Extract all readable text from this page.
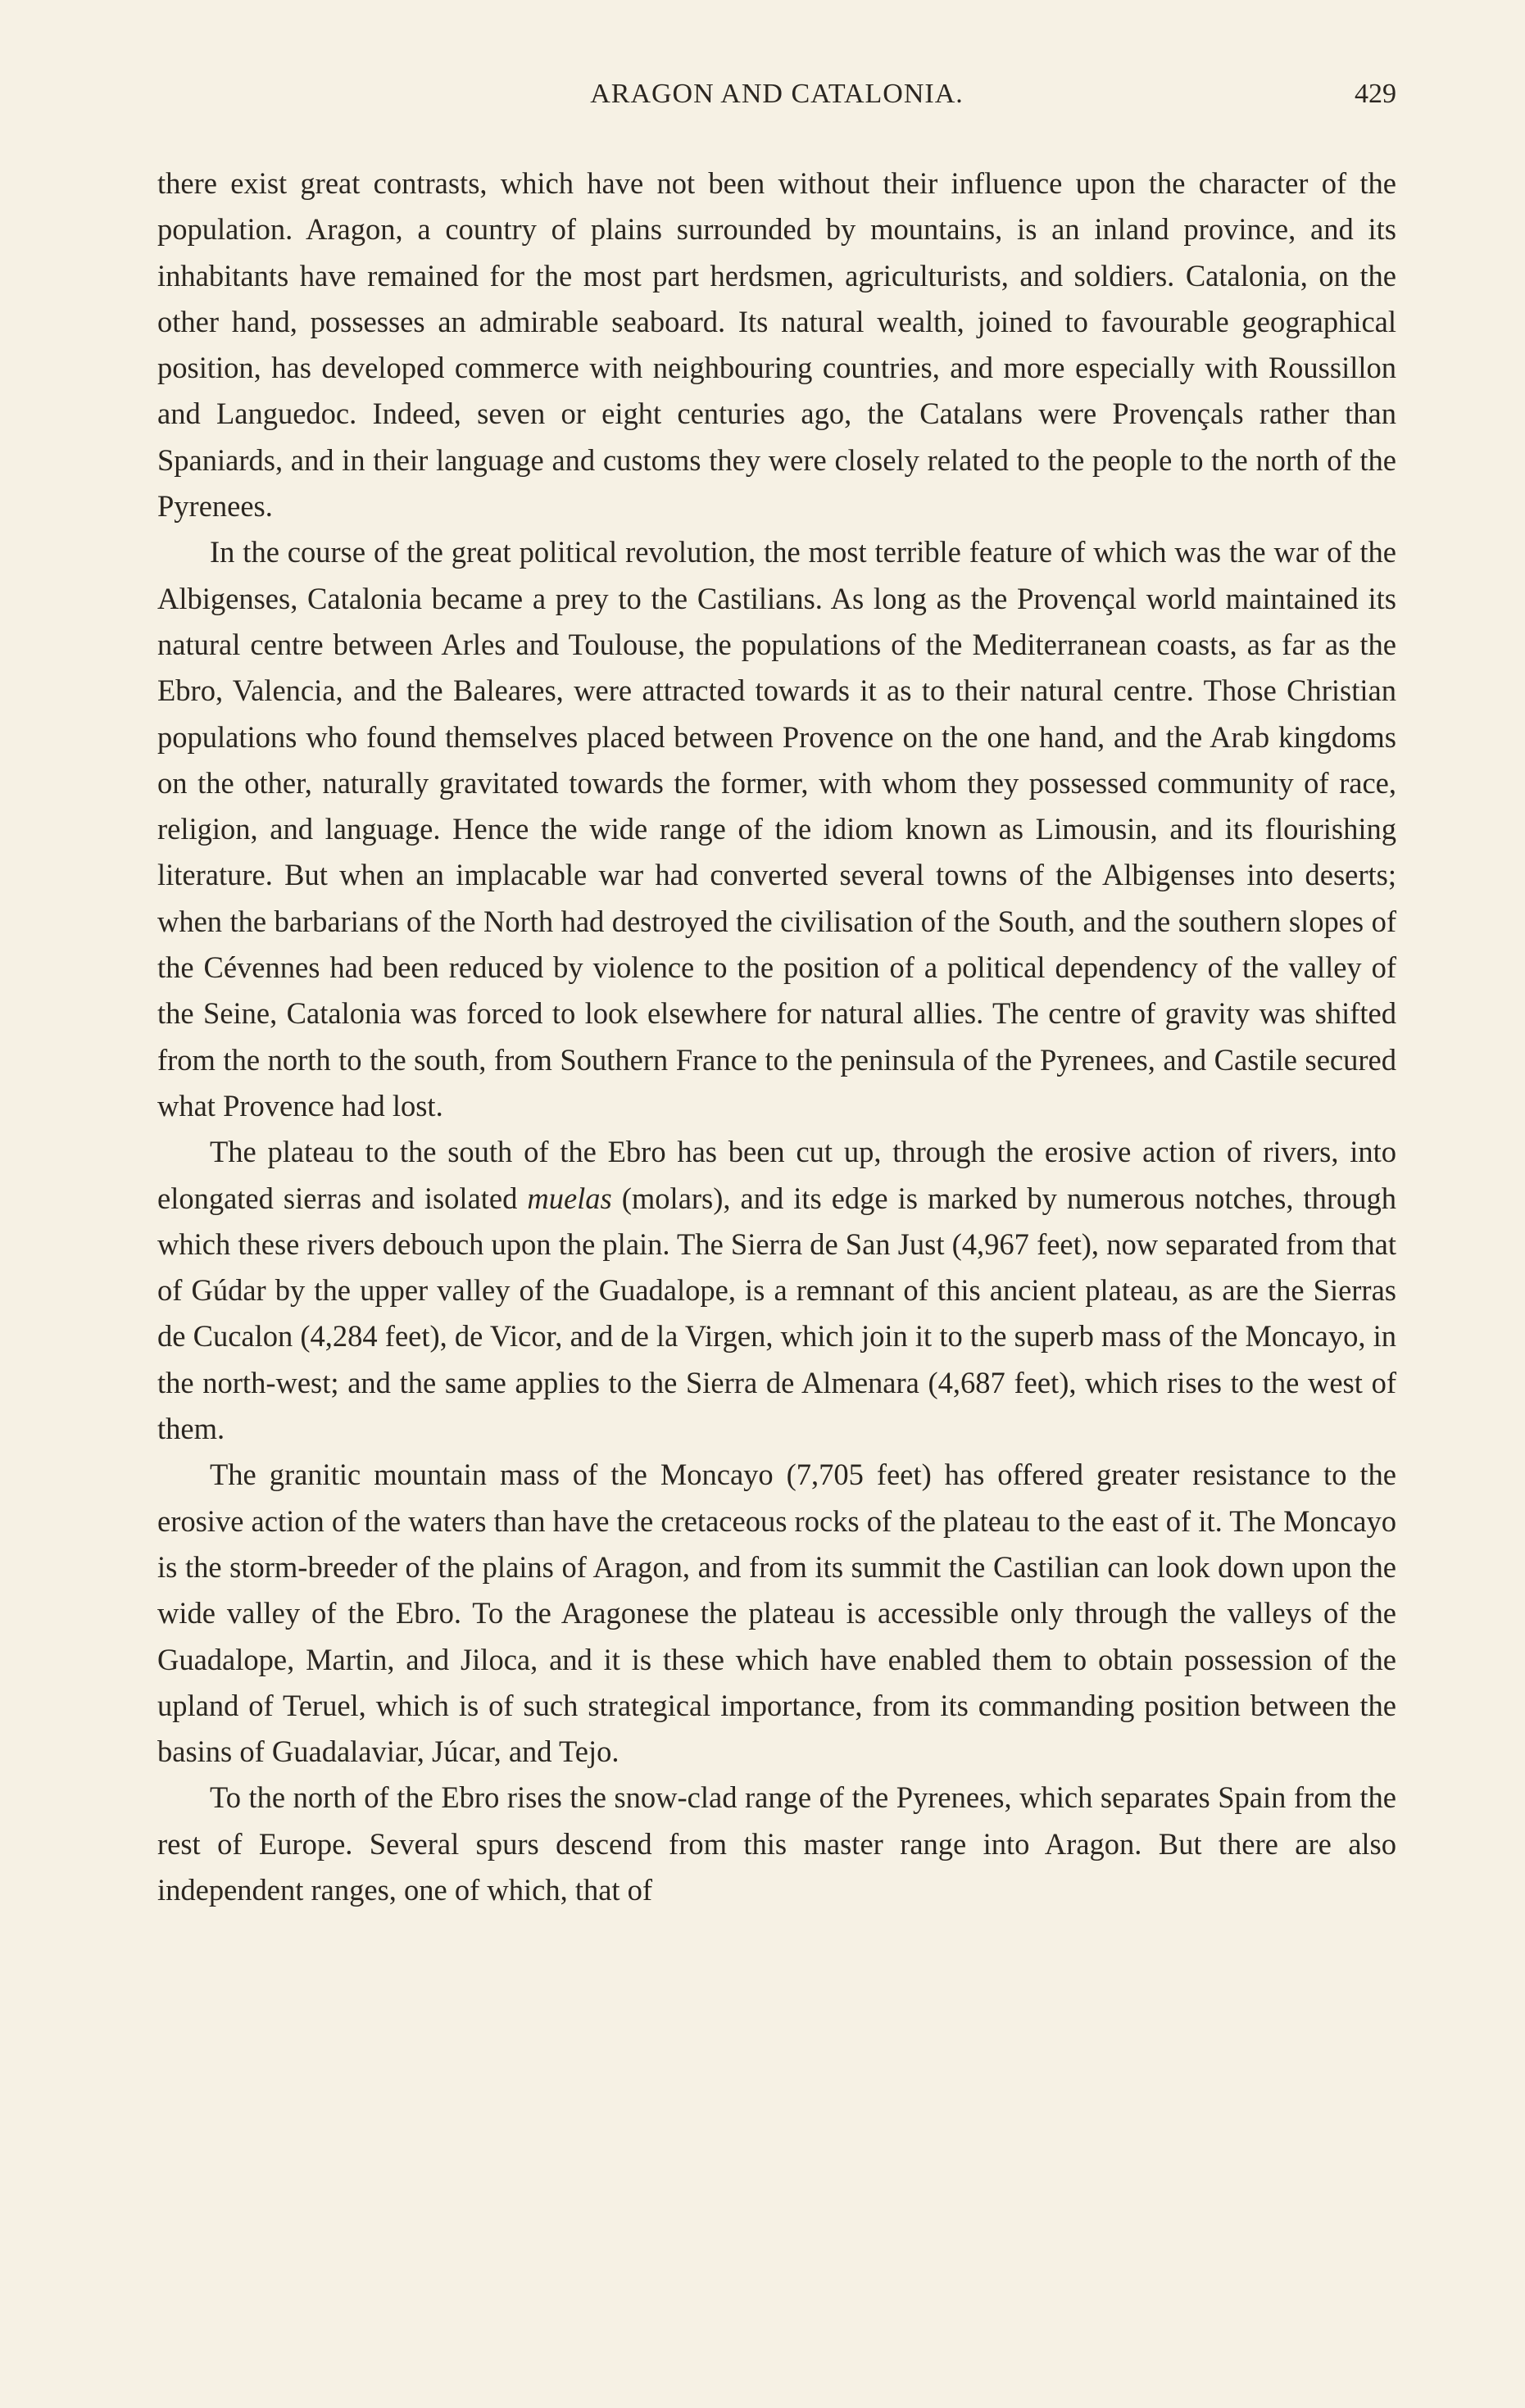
ARAGON AND CATALONIA.	429

there exist great contrasts, which have not been without their influence upon the character of the population. Aragon, a country of plains surrounded by mountains, is an inland province, and its inhabitants have remained for the most part herdsmen, agriculturists, and soldiers. Catalonia, on the other hand, possesses an admirable seaboard. Its natural wealth, joined to favourable geographical position, has developed commerce with neighbouring countries, and more especially with Roussillon and Languedoc. Indeed, seven or eight centuries ago, the Catalans were Provençals rather than Spaniards, and in their language and customs they were closely related to the people to the north of the Pyrenees.

In the course of the great political revolution, the most terrible feature of which was the war of the Albigenses, Catalonia became a prey to the Castilians. As long as the Provençal world maintained its natural centre between Arles and Toulouse, the populations of the Mediterranean coasts, as far as the Ebro, Valencia, and the Baleares, were attracted towards it as to their natural centre. Those Christian populations who found themselves placed between Provence on the one hand, and the Arab kingdoms on the other, naturally gravitated towards the former, with whom they possessed community of race, religion, and language. Hence the wide range of the idiom known as Limousin, and its flourishing literature. But when an implacable war had converted several towns of the Albigenses into deserts; when the barbarians of the North had destroyed the civilisation of the South, and the southern slopes of the Cévennes had been reduced by violence to the position of a political dependency of the valley of the Seine, Catalonia was forced to look elsewhere for natural allies. The centre of gravity was shifted from the north to the south, from Southern France to the peninsula of the Pyrenees, and Castile secured what Provence had lost.

The plateau to the south of the Ebro has been cut up, through the erosive action of rivers, into elongated sierras and isolated muelas (molars), and its edge is marked by numerous notches, through which these rivers debouch upon the plain. The Sierra de San Just (4,967 feet), now separated from that of Gúdar by the upper valley of the Guadalope, is a remnant of this ancient plateau, as are the Sierras de Cucalon (4,284 feet), de Vicor, and de la Virgen, which join it to the superb mass of the Moncayo, in the north-west; and the same applies to the Sierra de Almenara (4,687 feet), which rises to the west of them.

The granitic mountain mass of the Moncayo (7,705 feet) has offered greater resistance to the erosive action of the waters than have the cretaceous rocks of the plateau to the east of it. The Moncayo is the storm-breeder of the plains of Aragon, and from its summit the Castilian can look down upon the wide valley of the Ebro. To the Aragonese the plateau is accessible only through the valleys of the Guadalope, Martin, and Jiloca, and it is these which have enabled them to obtain possession of the upland of Teruel, which is of such strategical importance, from its commanding position between the basins of Guadalaviar, Júcar, and Tejo.

To the north of the Ebro rises the snow-clad range of the Pyrenees, which separates Spain from the rest of Europe. Several spurs descend from this master range into Aragon. But there are also independent ranges, one of which, that of
